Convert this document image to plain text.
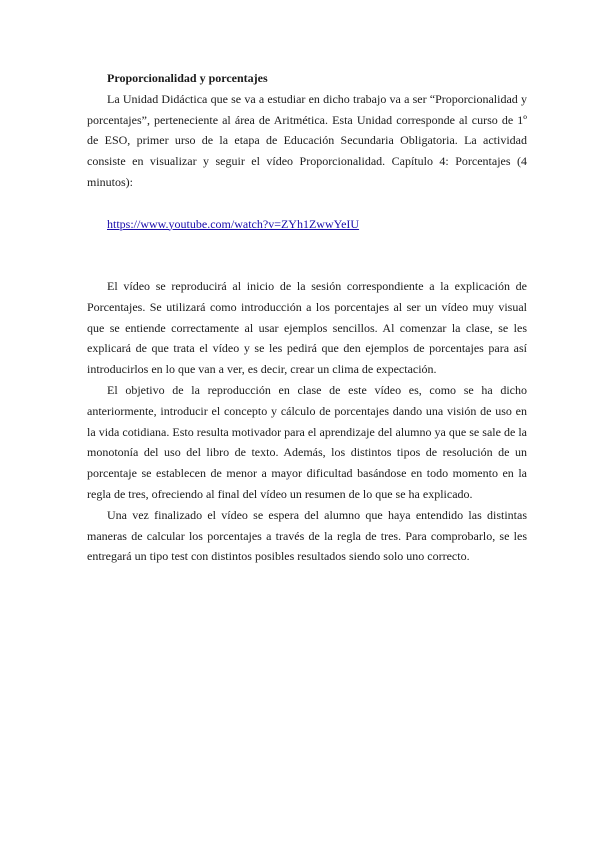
Proporcionalidad y porcentajes

La Unidad Didáctica que se va a estudiar en dicho trabajo va a ser “Proporcionalidad y porcentajes”, perteneciente al área de Aritmética. Esta Unidad corresponde al curso de 1º de ESO, primer urso de la etapa de Educación Secundaria Obligatoria. La actividad consiste en visualizar y seguir el vídeo Proporcionalidad. Capítulo 4: Porcentajes (4 minutos):

https://www.youtube.com/watch?v=ZYh1ZwwYeIU

El vídeo se reproducirá al inicio de la sesión correspondiente a la explicación de Porcentajes. Se utilizará como introducción a los porcentajes al ser un vídeo muy visual que se entiende correctamente al usar ejemplos sencillos. Al comenzar la clase, se les explicará de que trata el vídeo y se les pedirá que den ejemplos de porcentajes para así introducirlos en lo que van a ver, es decir, crear un clima de expectación.

El objetivo de la reproducción en clase de este vídeo es, como se ha dicho anteriormente, introducir el concepto y cálculo de porcentajes dando una visión de uso en la vida cotidiana. Esto resulta motivador para el aprendizaje del alumno ya que se sale de la monotonía del uso del libro de texto. Además, los distintos tipos de resolución de un porcentaje se establecen de menor a mayor dificultad basándose en todo momento en la regla de tres, ofreciendo al final del vídeo un resumen de lo que se ha explicado.

Una vez finalizado el vídeo se espera del alumno que haya entendido las distintas maneras de calcular los porcentajes a través de la regla de tres. Para comprobarlo, se les entregará un tipo test con distintos posibles resultados siendo solo uno correcto.
